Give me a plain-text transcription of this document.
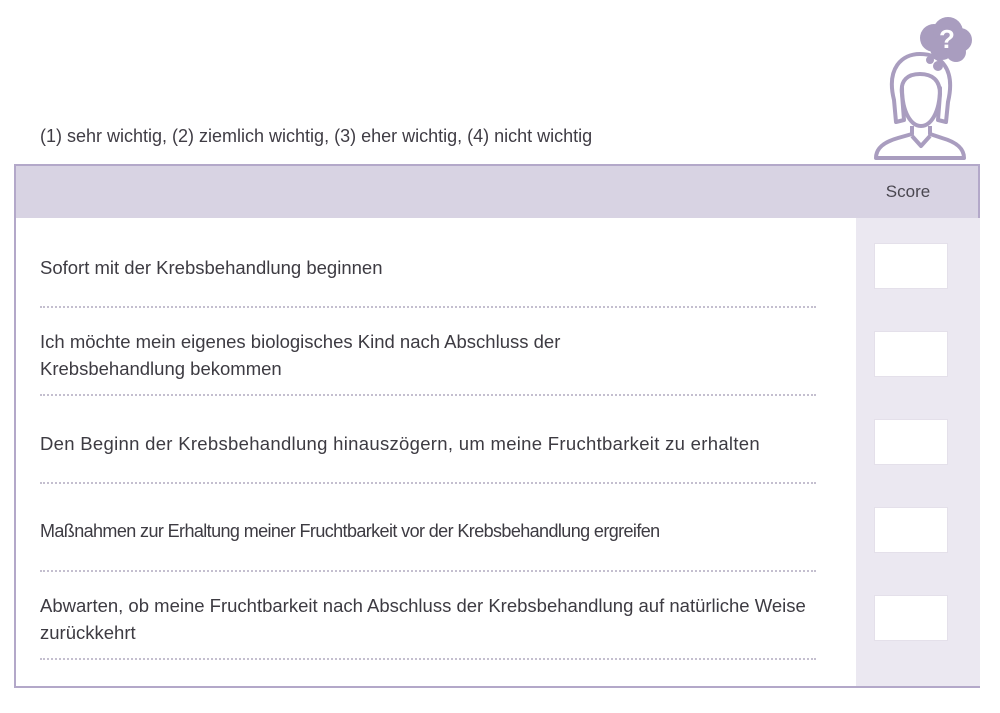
(1) sehr wichtig, (2) ziemlich wichtig, (3) eher wichtig, (4) nicht wichtig
?
Score
Sofort mit der Krebsbehandlung beginnen
Ich möchte mein eigenes biologisches Kind nach Abschluss der Krebsbehandlung bekommen
Den Beginn der Krebsbehandlung hinauszögern, um meine Fruchtbarkeit zu erhalten
Maßnahmen zur Erhaltung meiner Fruchtbarkeit vor der Krebsbehandlung ergreifen
Abwarten, ob meine Fruchtbarkeit nach Abschluss der Krebsbehandlung auf natürliche Weise zurückkehrt
